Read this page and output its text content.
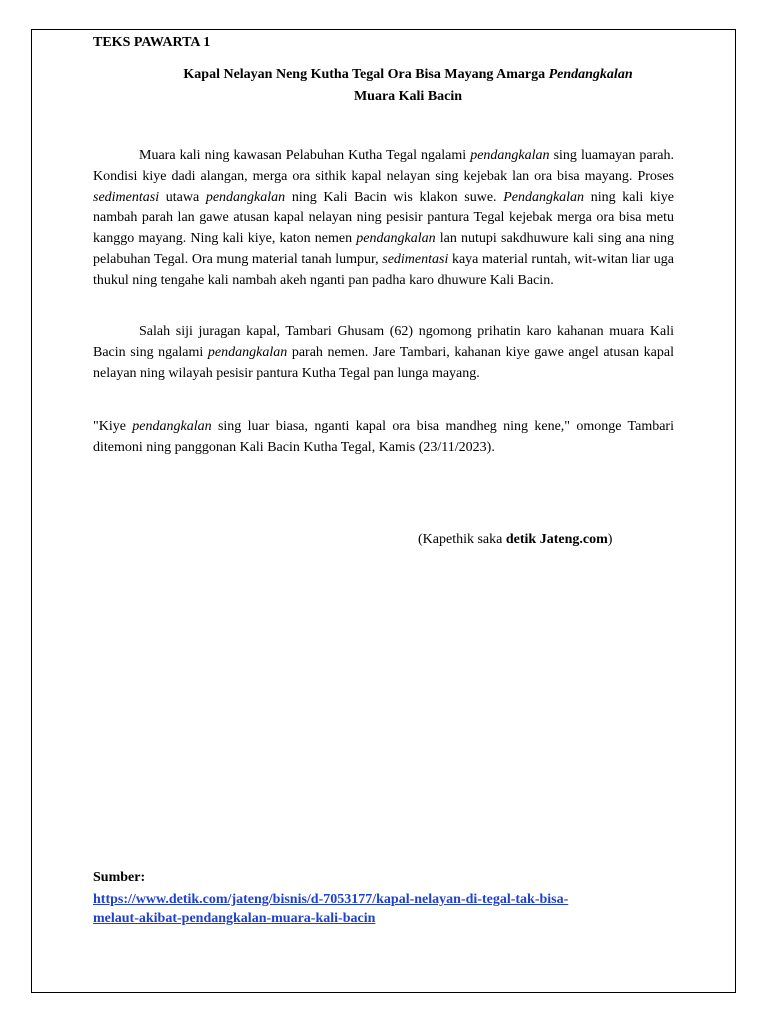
TEKS PAWARTA 1
Kapal Nelayan Neng Kutha Tegal Ora Bisa Mayang Amarga Pendangkalan
Muara Kali Bacin

Muara kali ning kawasan Pelabuhan Kutha Tegal ngalami pendangkalan sing luamayan parah. Kondisi kiye dadi alangan, merga ora sithik kapal nelayan sing kejebak lan ora bisa mayang. Proses sedimentasi utawa pendangkalan ning Kali Bacin wis klakon suwe. Pendangkalan ning kali kiye nambah parah lan gawe atusan kapal nelayan ning pesisir pantura Tegal kejebak merga ora bisa metu kanggo mayang. Ning kali kiye, katon nemen pendangkalan lan nutupi sakdhuwure kali sing ana ning pelabuhan Tegal. Ora mung material tanah lumpur, sedimentasi kaya material runtah, wit-witan liar uga thukul ning tengahe kali nambah akeh nganti pan padha karo dhuwure Kali Bacin.

Salah siji juragan kapal, Tambari Ghusam (62) ngomong prihatin karo kahanan muara Kali Bacin sing ngalami pendangkalan parah nemen. Jare Tambari, kahanan kiye gawe angel atusan kapal nelayan ning wilayah pesisir pantura Kutha Tegal pan lunga mayang.

"Kiye pendangkalan sing luar biasa, nganti kapal ora bisa mandheg ning kene," omonge Tambari ditemoni ning panggonan Kali Bacin Kutha Tegal, Kamis (23/11/2023).

(Kapethik saka detik Jateng.com)
Sumber:
https://www.detik.com/jateng/bisnis/d-7053177/kapal-nelayan-di-tegal-tak-bisa-
melaut-akibat-pendangkalan-muara-kali-bacin
